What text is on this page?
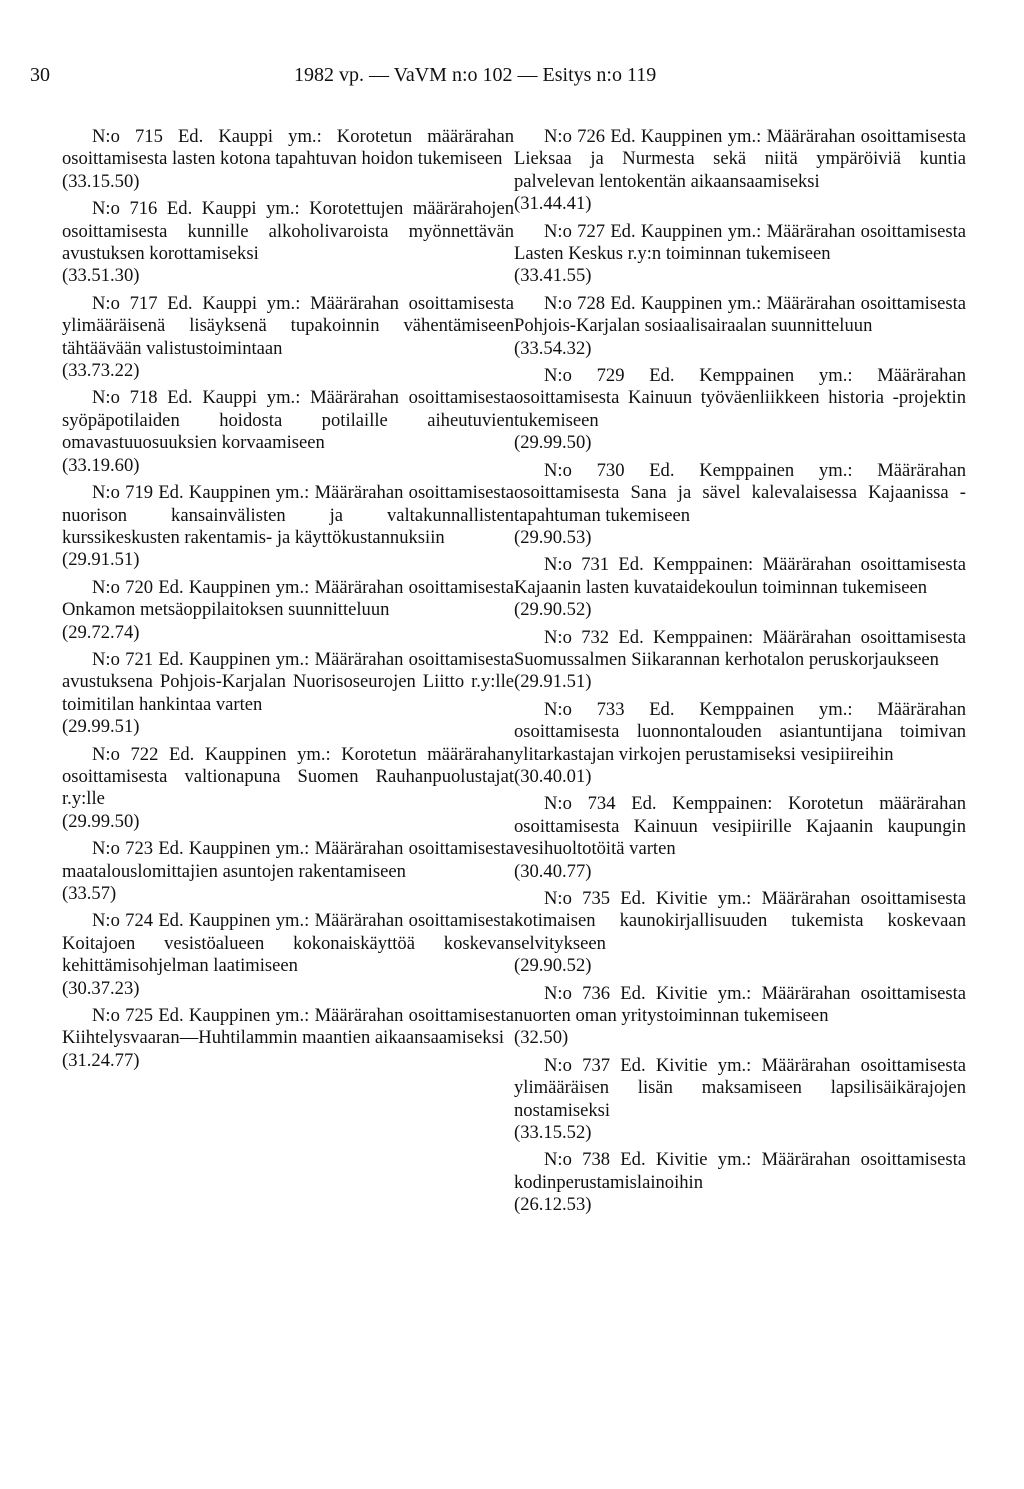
30	1982 vp. — VaVM n:o 102 — Esitys n:o 119
N:o 715 Ed. Kauppi ym.: Korotetun määrärahan osoittamisesta lasten kotona tapahtuvan hoidon tukemiseen
(33.15.50)
N:o 716 Ed. Kauppi ym.: Korotettujen määrärahojen osoittamisesta kunnille alkoholivaroista myönnettävän avustuksen korottamiseksi
(33.51.30)
N:o 717 Ed. Kauppi ym.: Määrärahan osoittamisesta ylimääräisenä lisäyksenä tupakoinnin vähentämiseen tähtäävään valistustoimintaan
(33.73.22)
N:o 718 Ed. Kauppi ym.: Määrärahan osoittamisesta syöpäpotilaiden hoidosta potilaille aiheutuvien omavastuuosuuksien korvaamiseen
(33.19.60)
N:o 719 Ed. Kauppinen ym.: Määrärahan osoittamisesta nuorison kansainvälisten ja valtakunnallisten kurssikeskusten rakentamis- ja käyttökustannuksiin
(29.91.51)
N:o 720 Ed. Kauppinen ym.: Määrärahan osoittamisesta Onkamon metsäoppilaitoksen suunnitteluun
(29.72.74)
N:o 721 Ed. Kauppinen ym.: Määrärahan osoittamisesta avustuksena Pohjois-Karjalan Nuorisoseurojen Liitto r.y:lle toimitilan hankintaa varten
(29.99.51)
N:o 722 Ed. Kauppinen ym.: Korotetun määrärahan osoittamisesta valtionapuna Suomen Rauhanpuolustajat r.y:lle
(29.99.50)
N:o 723 Ed. Kauppinen ym.: Määrärahan osoittamisesta maatalouslomittajien asuntojen rakentamiseen
(33.57)
N:o 724 Ed. Kauppinen ym.: Määrärahan osoittamisesta Koitajoen vesistöalueen kokonaiskäyttöä koskevan kehittämisohjelman laatimiseen
(30.37.23)
N:o 725 Ed. Kauppinen ym.: Määrärahan osoittamisesta Kiihtelysvaaran—Huhtilammin maantien aikaansaamiseksi
(31.24.77)
N:o 726 Ed. Kauppinen ym.: Määrärahan osoittamisesta Lieksaa ja Nurmesta sekä niitä ympäröiviä kuntia palvelevan lentokentän aikaansaamiseksi
(31.44.41)
N:o 727 Ed. Kauppinen ym.: Määrärahan osoittamisesta Lasten Keskus r.y:n toiminnan tukemiseen
(33.41.55)
N:o 728 Ed. Kauppinen ym.: Määrärahan osoittamisesta Pohjois-Karjalan sosiaalisairaalan suunnitteluun
(33.54.32)
N:o 729 Ed. Kemppainen ym.: Määrärahan osoittamisesta Kainuun työväenliikkeen historia -projektin tukemiseen
(29.99.50)
N:o 730 Ed. Kemppainen ym.: Määrärahan osoittamisesta Sana ja sävel kalevalaisessa Kajaanissa -tapahtuman tukemiseen
(29.90.53)
N:o 731 Ed. Kemppainen: Määrärahan osoittamisesta Kajaanin lasten kuvataidekoulun toiminnan tukemiseen
(29.90.52)
N:o 732 Ed. Kemppainen: Määrärahan osoittamisesta Suomussalmen Siikarannan kerhotalon peruskorjaukseen
(29.91.51)
N:o 733 Ed. Kemppainen ym.: Määrärahan osoittamisesta luonnontalouden asiantuntijana toimivan ylitarkastajan virkojen perustamiseksi vesipiireihin
(30.40.01)
N:o 734 Ed. Kemppainen: Korotetun määrärahan osoittamisesta Kainuun vesipiirille Kajaanin kaupungin vesihuoltotöitä varten
(30.40.77)
N:o 735 Ed. Kivitie ym.: Määrärahan osoittamisesta kotimaisen kaunokirjallisuuden tukemista koskevaan selvitykseen
(29.90.52)
N:o 736 Ed. Kivitie ym.: Määrärahan osoittamisesta nuorten oman yritystoiminnan tukemiseen
(32.50)
N:o 737 Ed. Kivitie ym.: Määrärahan osoittamisesta ylimääräisen lisän maksamiseen lapsilisäikärajojen nostamiseksi
(33.15.52)
N:o 738 Ed. Kivitie ym.: Määrärahan osoittamisesta kodinperustamislainoihin
(26.12.53)
